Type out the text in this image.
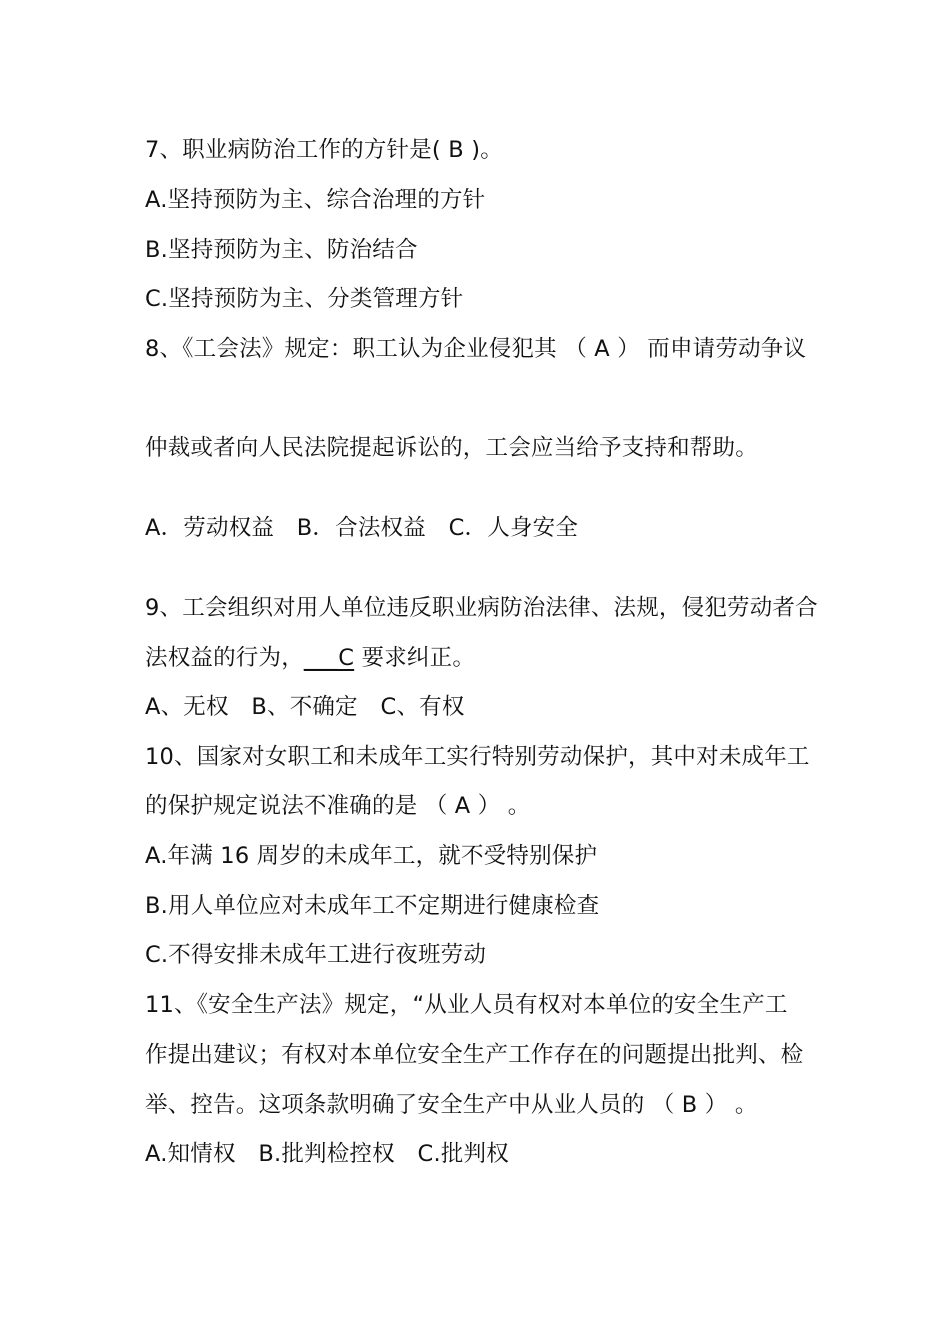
7、职业病防治工作的方针是( B )。
A.坚持预防为主、综合治理的方针
B.坚持预防为主、防治结合
C.坚持预防为主、分类管理方针
8、《工会法》规定：职工认为企业侵犯其 （ A ） 而申请劳动争议
仲裁或者向人民法院提起诉讼的，工会应当给予支持和帮助。
A．劳动权益　B．合法权益　C．人身安全
9、工会组织对用人单位违反职业病防治法律、法规，侵犯劳动者合
法权益的行为，___C 要求纠正。
A、无权　B、不确定　C、有权
10、国家对女职工和未成年工实行特别劳动保护，其中对未成年工
的保护规定说法不准确的是 （ A ） 。
A.年满 16 周岁的未成年工，就不受特别保护
B.用人单位应对未成年工不定期进行健康检查
C.不得安排未成年工进行夜班劳动
11、《安全生产法》规定，“从业人员有权对本单位的安全生产工
作提出建议；有权对本单位安全生产工作存在的问题提出批判、检
举、控告。这项条款明确了安全生产中从业人员的 （ B ） 。
A.知情权　B.批判检控权　C.批判权
